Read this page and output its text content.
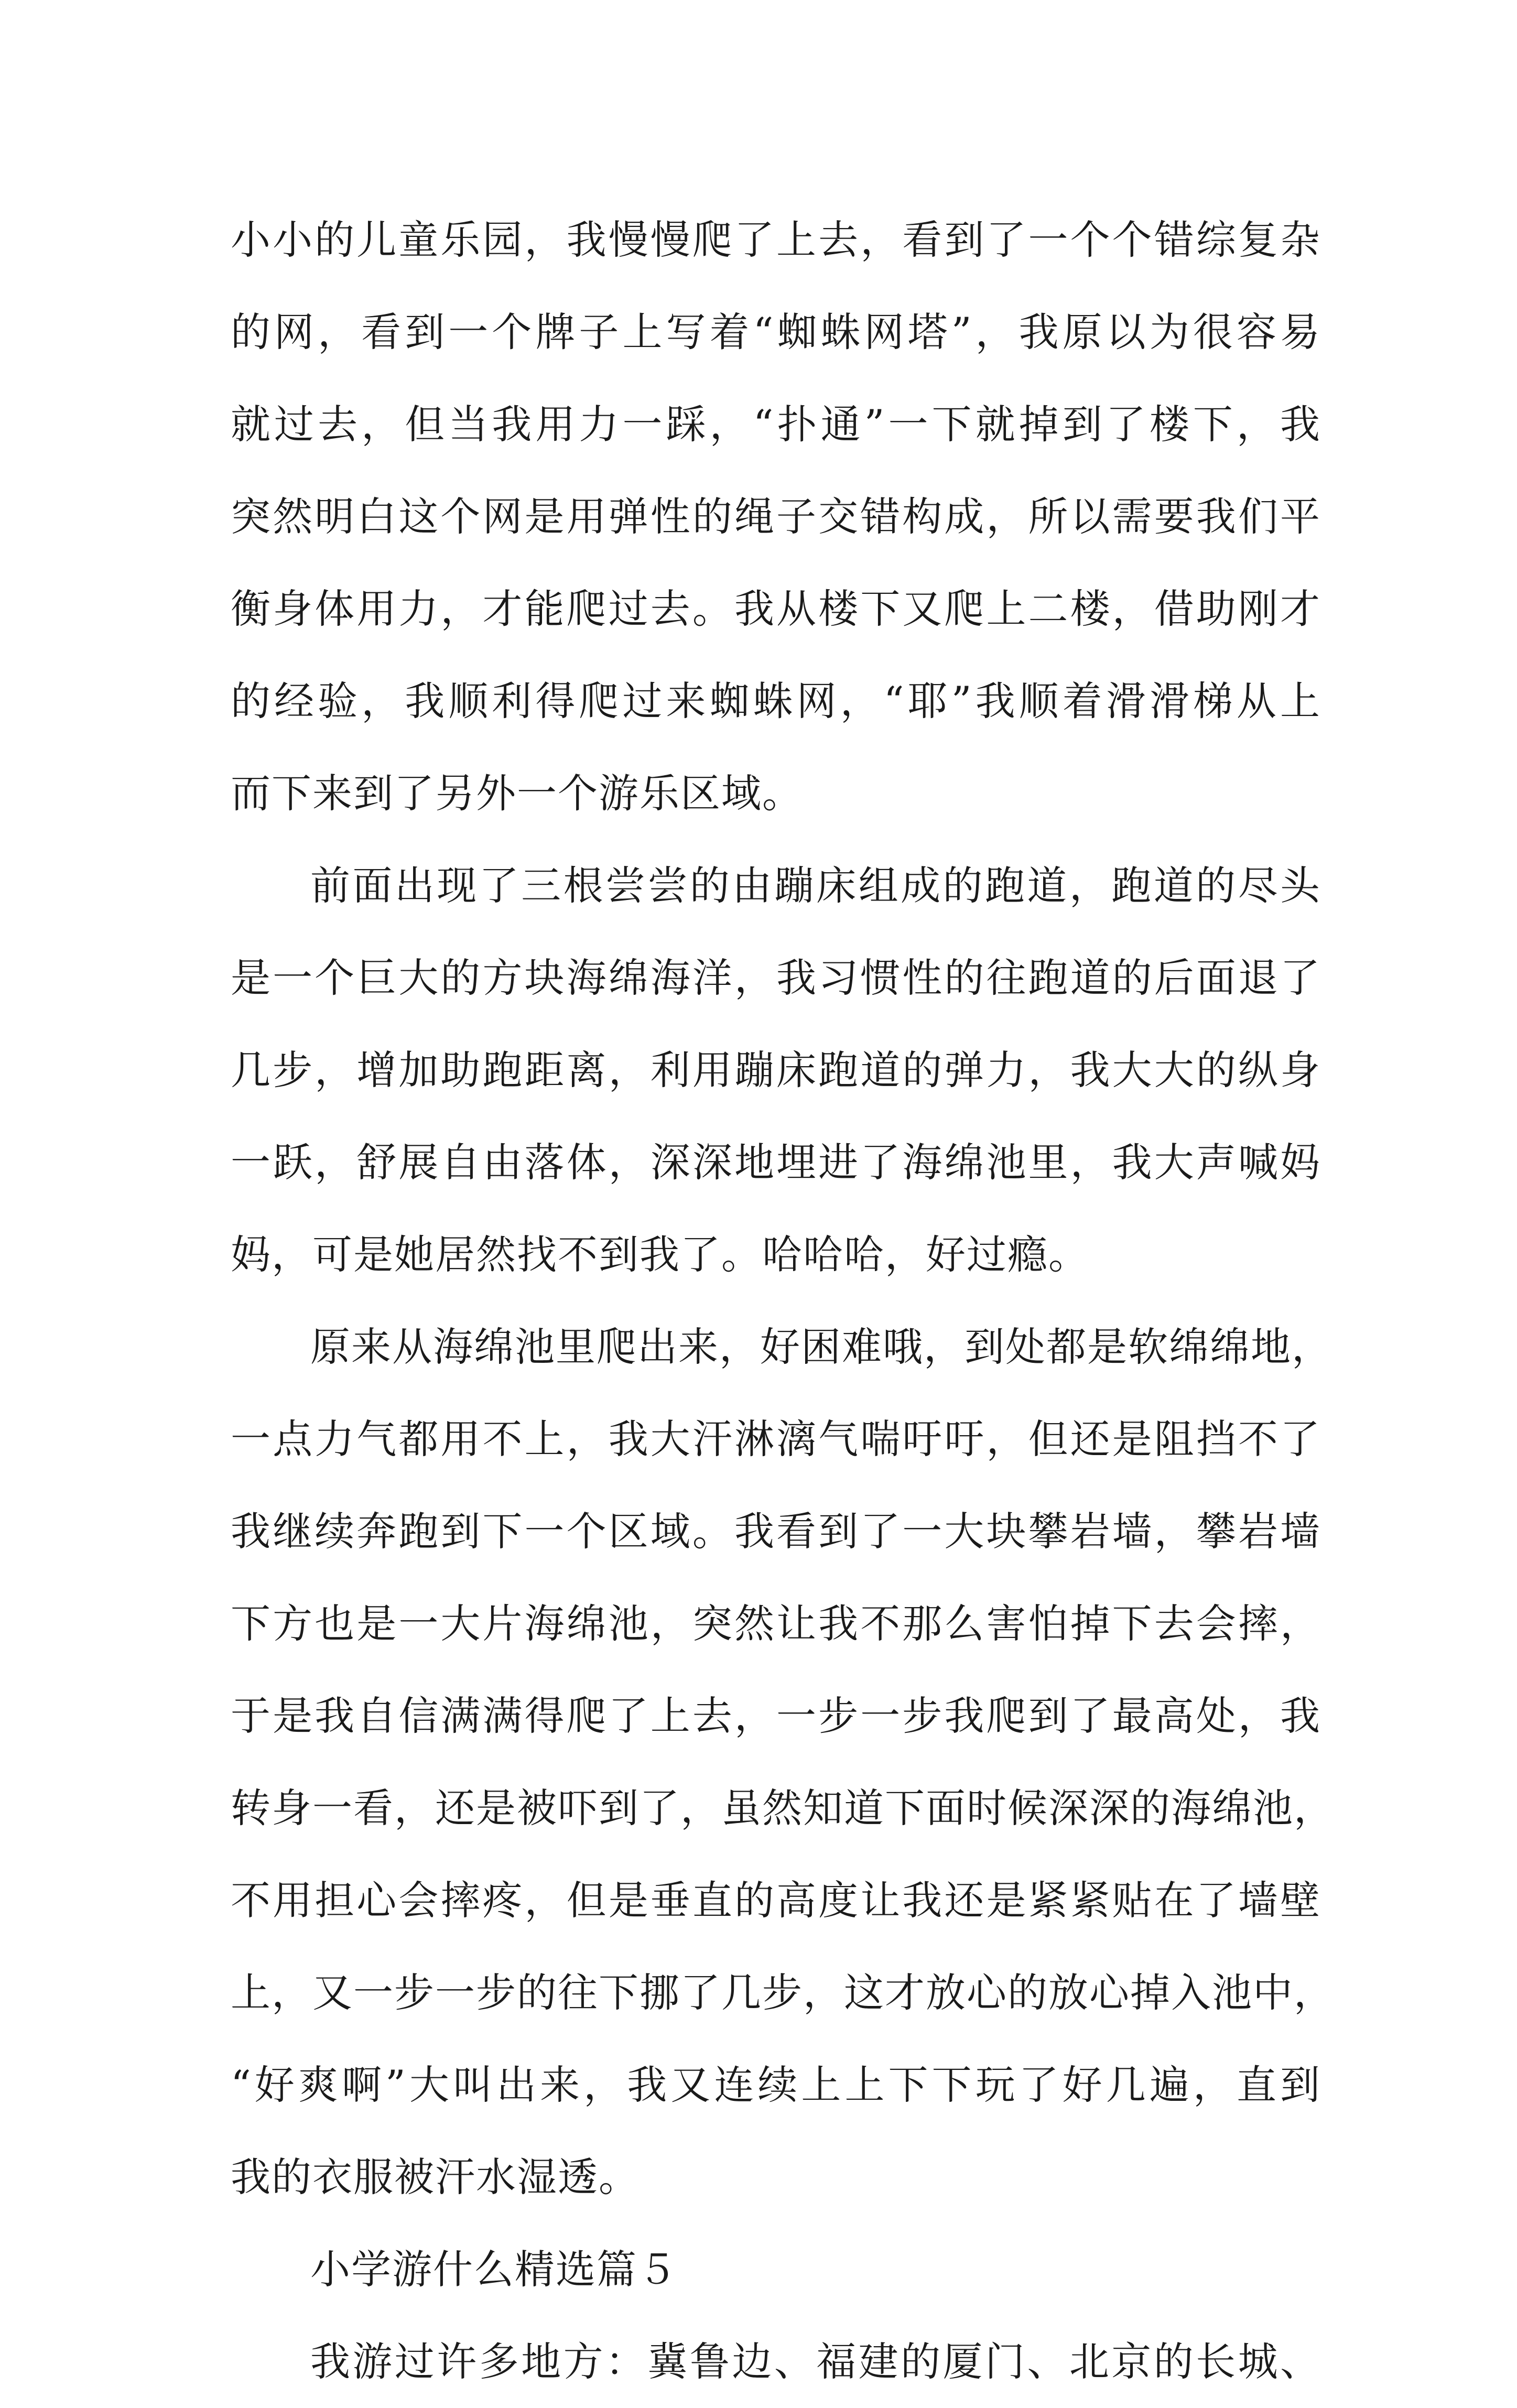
小小的儿童乐园，我慢慢爬了上去，看到了一个个错综复杂
的网，看到一个牌子上写着“蜘蛛网塔”，我原以为很容易
就过去，但当我用力一踩，“扑通”一下就掉到了楼下，我
突然明白这个网是用弹性的绳子交错构成，所以需要我们平
衡身体用力，才能爬过去。我从楼下又爬上二楼，借助刚才
的经验，我顺利得爬过来蜘蛛网，“耶”我顺着滑滑梯从上
而下来到了另外一个游乐区域。
前面出现了三根尝尝的由蹦床组成的跑道，跑道的尽头
是一个巨大的方块海绵海洋，我习惯性的往跑道的后面退了
几步，增加助跑距离，利用蹦床跑道的弹力，我大大的纵身
一跃，舒展自由落体，深深地埋进了海绵池里，我大声喊妈
妈，可是她居然找不到我了。哈哈哈，好过瘾。
原来从海绵池里爬出来，好困难哦，到处都是软绵绵地，
一点力气都用不上，我大汗淋漓气喘吁吁，但还是阻挡不了
我继续奔跑到下一个区域。我看到了一大块攀岩墙，攀岩墙
下方也是一大片海绵池，突然让我不那么害怕掉下去会摔，
于是我自信满满得爬了上去，一步一步我爬到了最高处，我
转身一看，还是被吓到了，虽然知道下面时候深深的海绵池，
不用担心会摔疼，但是垂直的高度让我还是紧紧贴在了墙壁
上，又一步一步的往下挪了几步，这才放心的放心掉入池中，
“好爽啊”大叫出来，我又连续上上下下玩了好几遍，直到
我的衣服被汗水湿透。
小学游什么精选篇５
我游过许多地方：冀鲁边、福建的厦门、北京的长城、
